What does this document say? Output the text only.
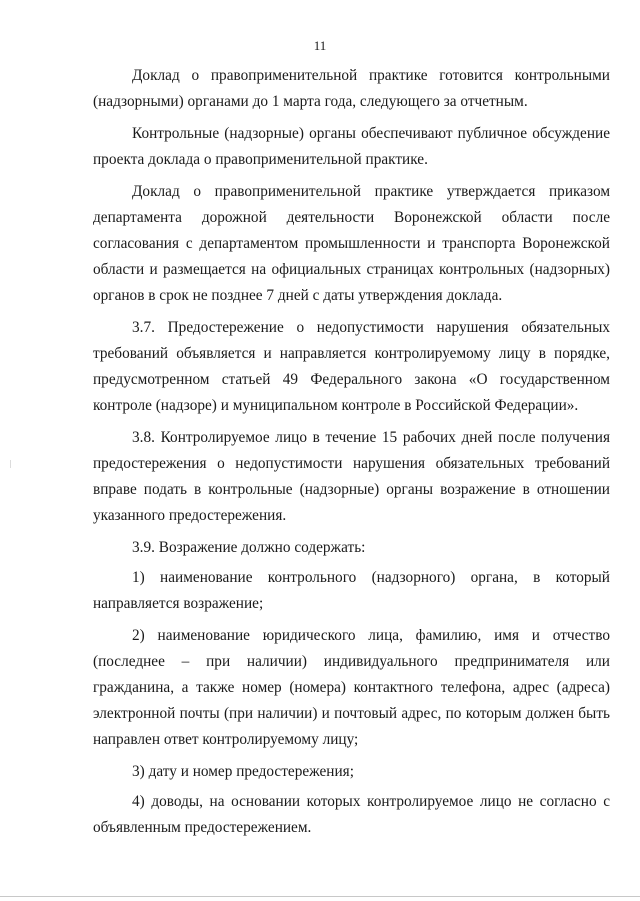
11

Доклад о правоприменительной практике готовится контрольными (надзорными) органами до 1 марта года, следующего за отчетным.

Контрольные (надзорные) органы обеспечивают публичное обсуждение проекта доклада о правоприменительной практике.

Доклад о правоприменительной практике утверждается приказом департамента дорожной деятельности Воронежской области после согласования с департаментом промышленности и транспорта Воронежской области и размещается на официальных страницах контрольных (надзорных) органов в срок не позднее 7 дней с даты утверждения доклада.

3.7. Предостережение о недопустимости нарушения обязательных требований объявляется и направляется контролируемому лицу в порядке, предусмотренном статьей 49 Федерального закона «О государственном контроле (надзоре) и муниципальном контроле в Российской Федерации».

3.8. Контролируемое лицо в течение 15 рабочих дней после получения предостережения о недопустимости нарушения обязательных требований вправе подать в контрольные (надзорные) органы возражение в отношении указанного предостережения.

3.9. Возражение должно содержать:

1) наименование контрольного (надзорного) органа, в который направляется возражение;

2) наименование юридического лица, фамилию, имя и отчество (последнее – при наличии) индивидуального предпринимателя или гражданина, а также номер (номера) контактного телефона, адрес (адреса) электронной почты (при наличии) и почтовый адрес, по которым должен быть направлен ответ контролируемому лицу;

3) дату и номер предостережения;

4) доводы, на основании которых контролируемое лицо не согласно с объявленным предостережением.
